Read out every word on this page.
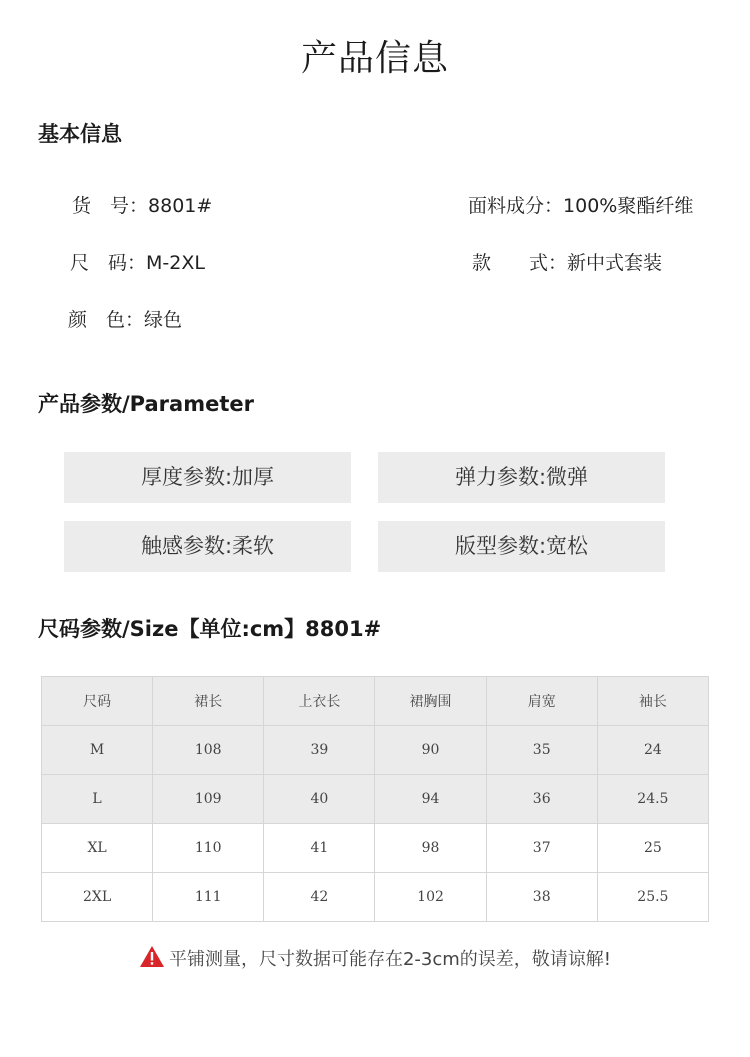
产品信息
基本信息
货　号：8801#	面料成分：100%聚酯纤维
尺　码：M-2XL	款　　式：新中式套装
颜　色：绿色
产品参数/Parameter
厚度参数:加厚	弹力参数:微弹
触感参数:柔软	版型参数:宽松
尺码参数/Size【单位:cm】8801#
尺码	裙长	上衣长	裙胸围	肩宽	袖长
M	108	39	90	35	24
L	109	40	94	36	24.5
XL	110	41	98	37	25
2XL	111	42	102	38	25.5
平铺测量，尺寸数据可能存在2-3cm的误差，敬请谅解!
